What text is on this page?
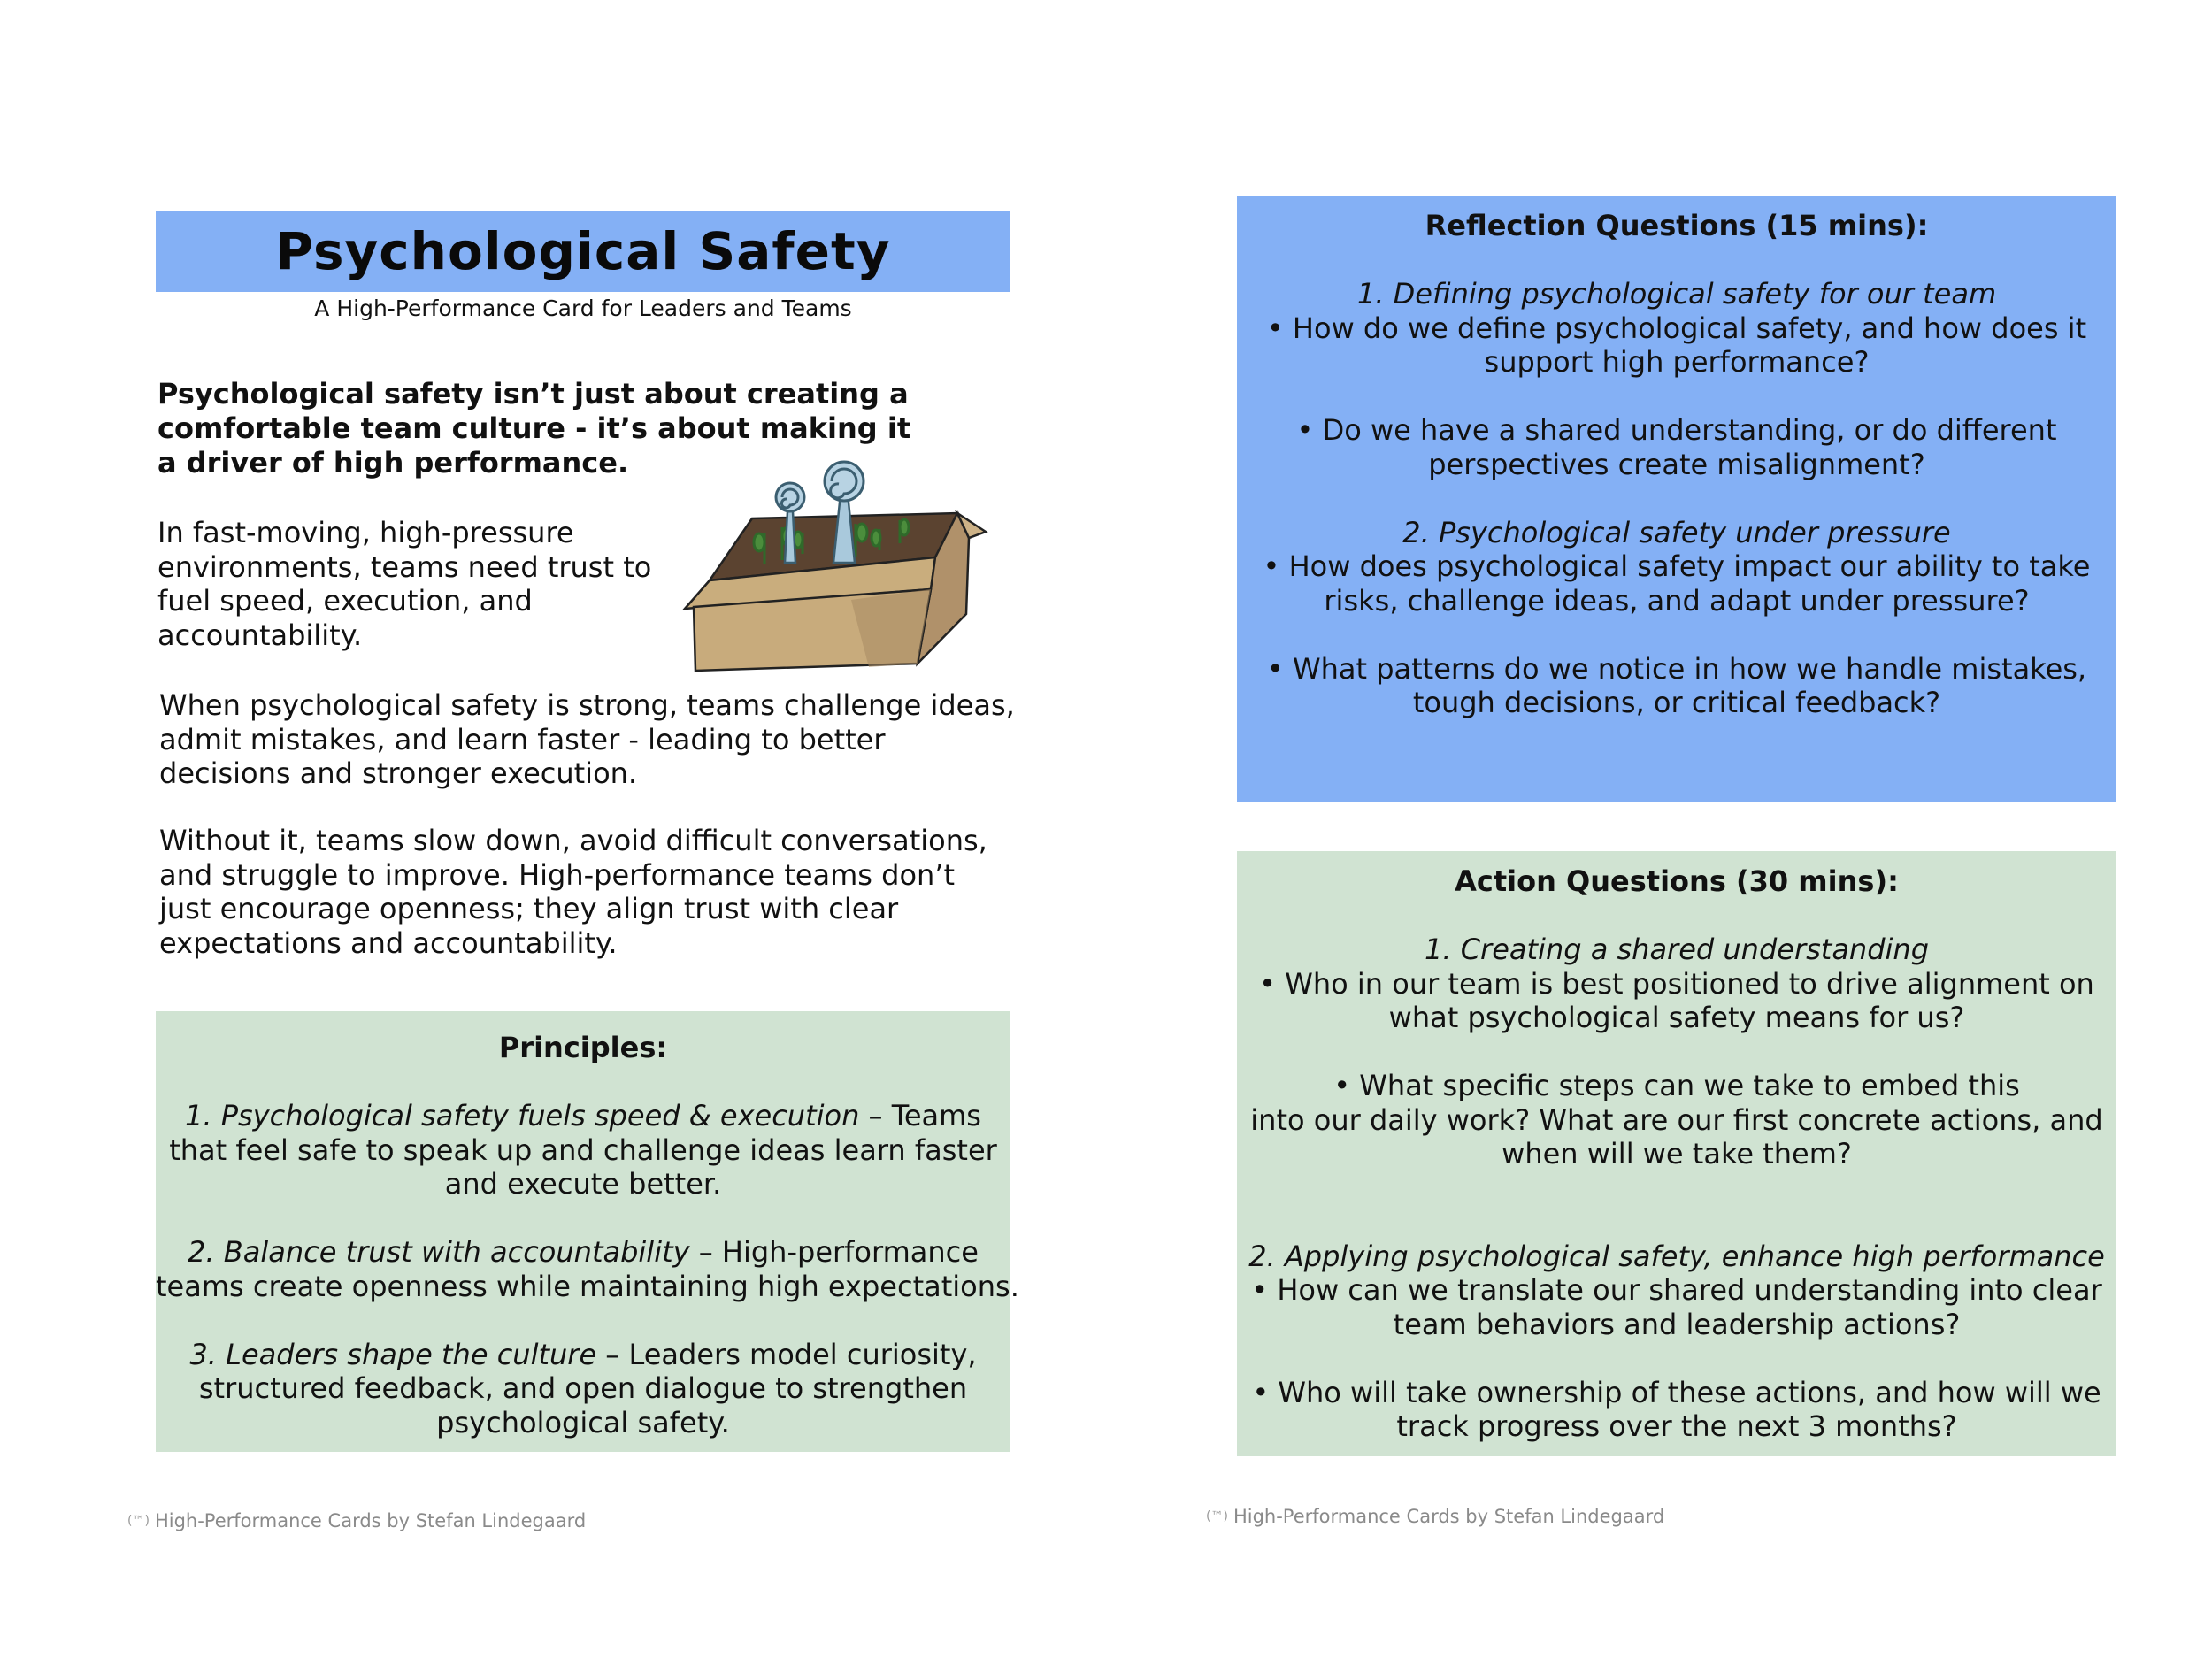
Psychological Safety
A High-Performance Card for Leaders and Teams
Psychological safety isn’t just about creating a
comfortable team culture - it’s about making it
a driver of high performance.
In fast-moving, high-pressure
environments, teams need trust to
fuel speed, execution, and
accountability.
When psychological safety is strong, teams challenge ideas,
admit mistakes, and learn faster - leading to better
decisions and stronger execution.
Without it, teams slow down, avoid difficult conversations,
and struggle to improve. High-performance teams don’t
just encourage openness; they align trust with clear
expectations and accountability.
Principles:
1. Psychological safety fuels speed & execution – Teams
that feel safe to speak up and challenge ideas learn faster
and execute better.
2. Balance trust with accountability – High-performance
teams create openness while maintaining high expectations.
3. Leaders shape the culture – Leaders model curiosity,
structured feedback, and open dialogue to strengthen
psychological safety.
(™) High-Performance Cards by Stefan Lindegaard
Reflection Questions (15 mins):
1. Defining psychological safety for our team
• How do we define psychological safety, and how does it
support high performance?
• Do we have a shared understanding, or do different
perspectives create misalignment?
2. Psychological safety under pressure
• How does psychological safety impact our ability to take
risks, challenge ideas, and adapt under pressure?
• What patterns do we notice in how we handle mistakes,
tough decisions, or critical feedback?
Action Questions (30 mins):
1. Creating a shared understanding
• Who in our team is best positioned to drive alignment on
what psychological safety means for us?
• What specific steps can we take to embed this
into our daily work? What are our first concrete actions, and
when will we take them?
2. Applying psychological safety, enhance high performance
• How can we translate our shared understanding into clear
team behaviors and leadership actions?
• Who will take ownership of these actions, and how will we
track progress over the next 3 months?
(™) High-Performance Cards by Stefan Lindegaard
